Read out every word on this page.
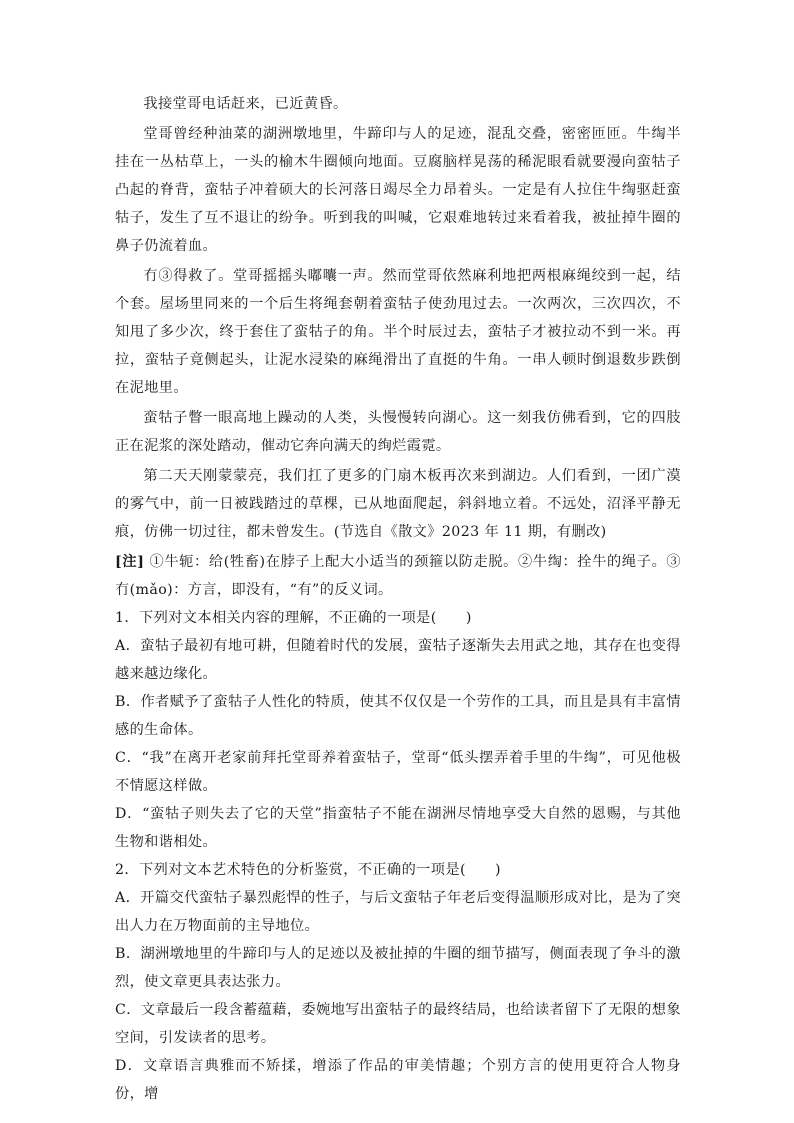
我接堂哥电话赶来，已近黄昏。

堂哥曾经种油菜的湖洲墩地里，牛蹄印与人的足迹，混乱交叠，密密匝匝。牛绹半挂在一丛枯草上，一头的榆木牛圈倾向地面。豆腐脑样晃荡的稀泥眼看就要漫向蛮牯子凸起的脊背，蛮牯子冲着硕大的长河落日竭尽全力昂着头。一定是有人拉住牛绹驱赶蛮牯子，发生了互不退让的纷争。听到我的叫喊，它艰难地转过来看着我，被扯掉牛圈的鼻子仍流着血。

冇③得救了。堂哥摇摇头嘟囔一声。然而堂哥依然麻利地把两根麻绳绞到一起，结个套。屋场里同来的一个后生将绳套朝着蛮牯子使劲甩过去。一次两次，三次四次，不知甩了多少次，终于套住了蛮牯子的角。半个时辰过去，蛮牯子才被拉动不到一米。再拉，蛮牯子竟侧起头，让泥水浸染的麻绳滑出了直挺的牛角。一串人顿时倒退数步跌倒在泥地里。

蛮牯子瞥一眼高地上躁动的人类，头慢慢转向湖心。这一刻我仿佛看到，它的四肢正在泥浆的深处踏动，催动它奔向满天的绚烂霞霓。

第二天天刚蒙蒙亮，我们扛了更多的门扇木板再次来到湖边。人们看到，一团广漠的雾气中，前一日被践踏过的草棵，已从地面爬起，斜斜地立着。不远处，沼泽平静无痕，仿佛一切过往，都未曾发生。(节选自《散文》2023 年 11 期，有删改)

[注] ①牛轭：给(牲畜)在脖子上配大小适当的颈箍以防走脱。②牛绹：拴牛的绳子。③冇(mǎo)：方言，即没有，“有”的反义词。

1．下列对文本相关内容的理解，不正确的一项是(　　)

A．蛮牯子最初有地可耕，但随着时代的发展，蛮牯子逐渐失去用武之地，其存在也变得越来越边缘化。

B．作者赋予了蛮牯子人性化的特质，使其不仅仅是一个劳作的工具，而且是具有丰富情感的生命体。

C．“我”在离开老家前拜托堂哥养着蛮牯子，堂哥“低头摆弄着手里的牛绹”，可见他极不情愿这样做。

D．“蛮牯子则失去了它的天堂”指蛮牯子不能在湖洲尽情地享受大自然的恩赐，与其他生物和谐相处。

2．下列对文本艺术特色的分析鉴赏，不正确的一项是(　　)

A．开篇交代蛮牯子暴烈彪悍的性子，与后文蛮牯子年老后变得温顺形成对比，是为了突出人力在万物面前的主导地位。

B．湖洲墩地里的牛蹄印与人的足迹以及被扯掉的牛圈的细节描写，侧面表现了争斗的激烈，使文章更具表达张力。

C．文章最后一段含蓄蕴藉，委婉地写出蛮牯子的最终结局，也给读者留下了无限的想象空间，引发读者的思考。

D．文章语言典雅而不矫揉，增添了作品的审美情趣；个别方言的使用更符合人物身份，增
